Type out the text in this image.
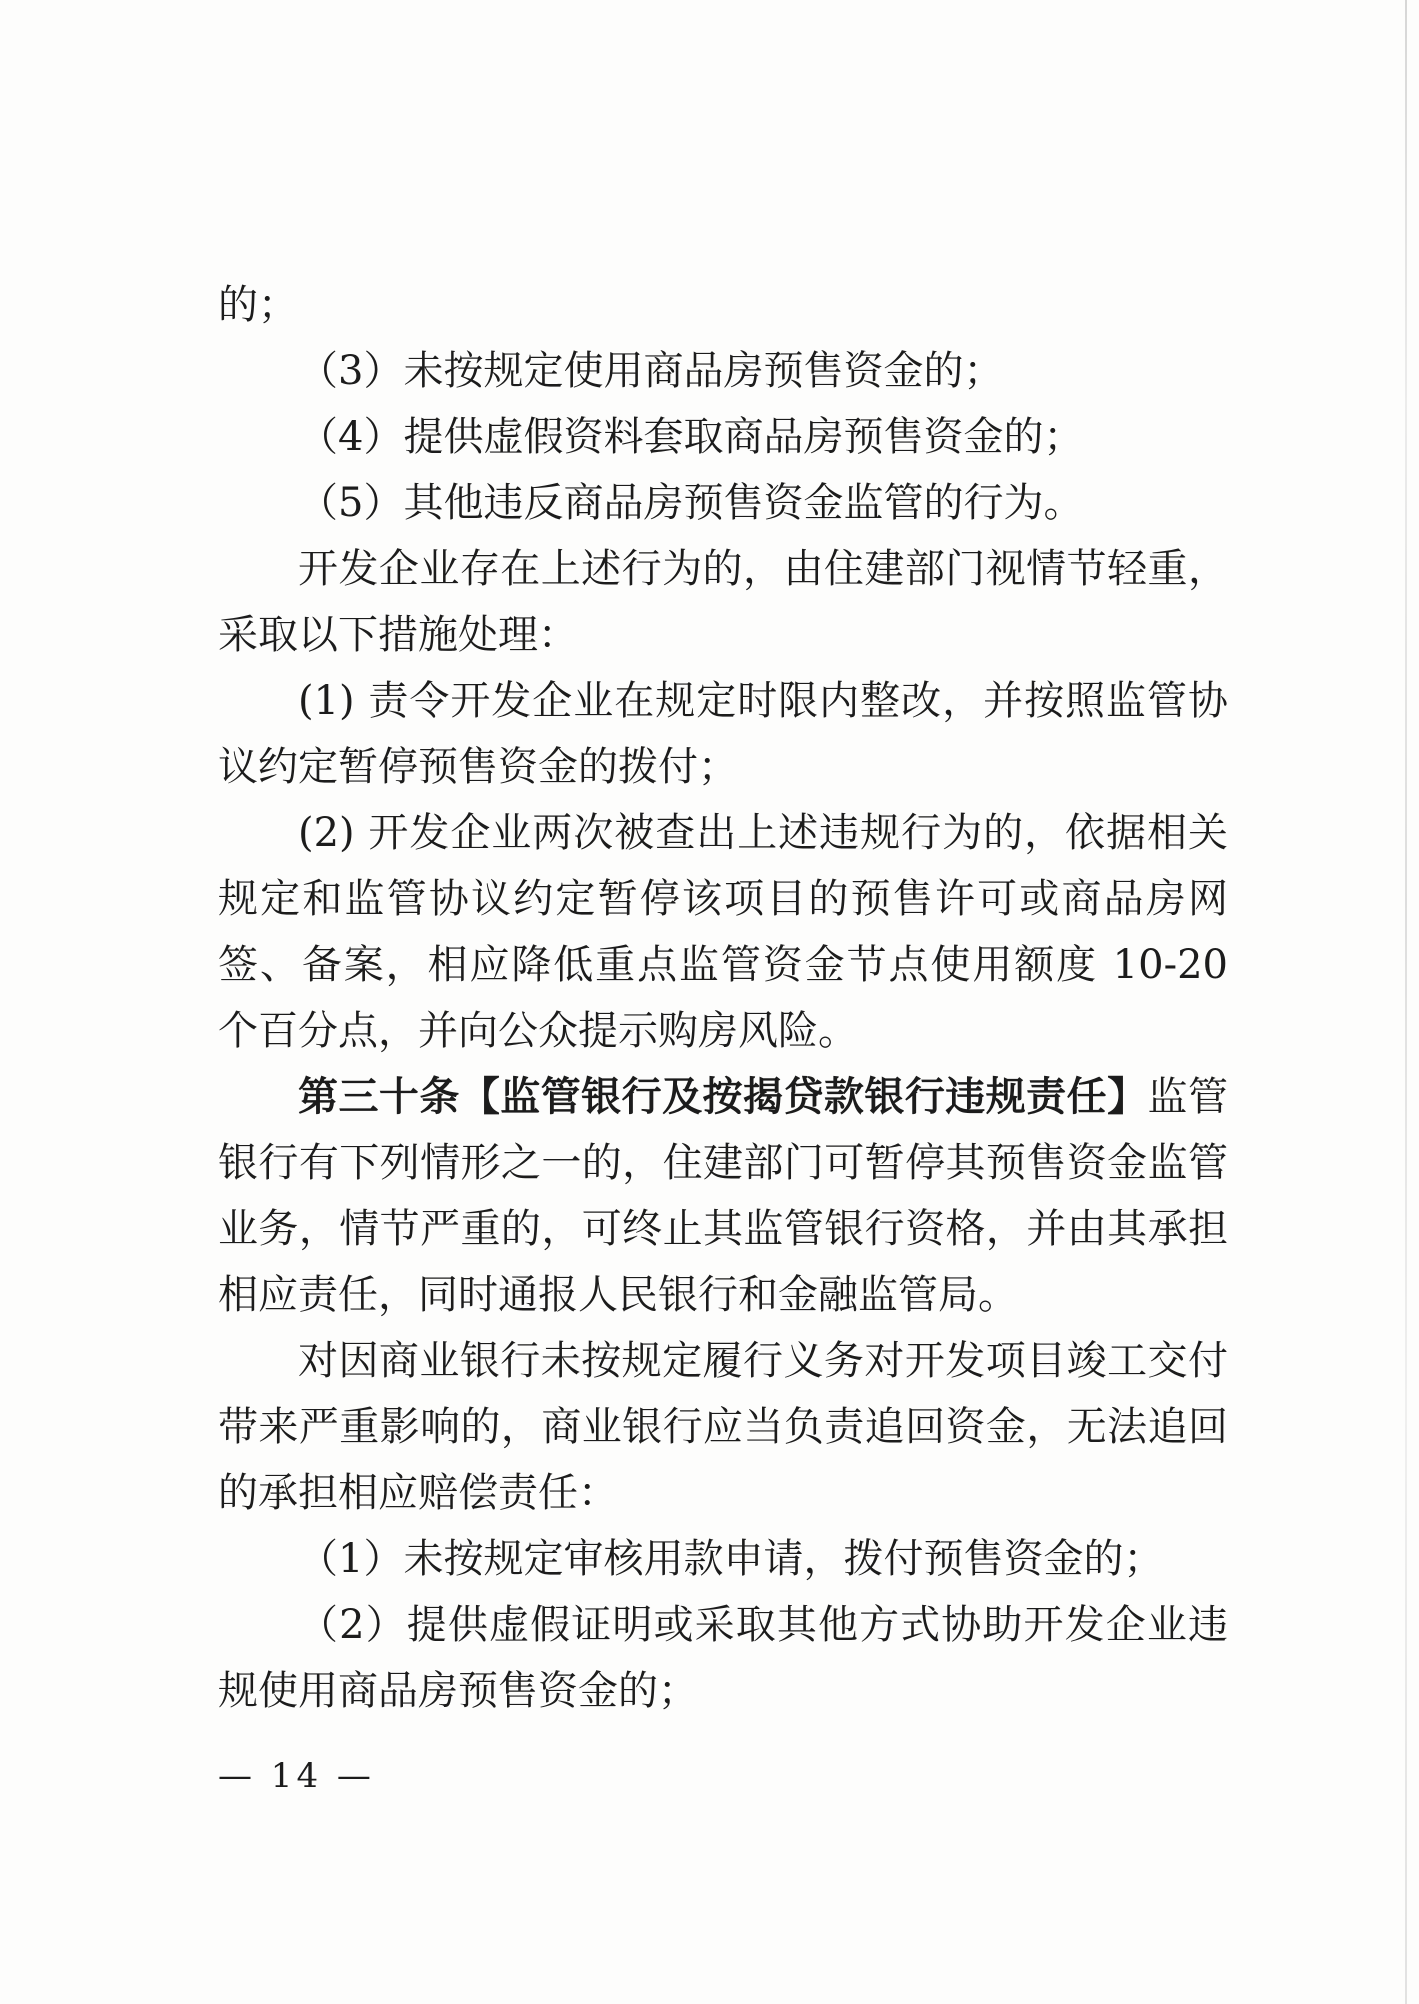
的；

（3）未按规定使用商品房预售资金的；

（4）提供虚假资料套取商品房预售资金的；

（5）其他违反商品房预售资金监管的行为。

开发企业存在上述行为的，由住建部门视情节轻重，采取以下措施处理：

(1) 责令开发企业在规定时限内整改，并按照监管协议约定暂停预售资金的拨付；

(2) 开发企业两次被查出上述违规行为的，依据相关规定和监管协议约定暂停该项目的预售许可或商品房网签、备案，相应降低重点监管资金节点使用额度 10-20 个百分点，并向公众提示购房风险。

第三十条【监管银行及按揭贷款银行违规责任】监管银行有下列情形之一的，住建部门可暂停其预售资金监管业务，情节严重的，可终止其监管银行资格，并由其承担相应责任，同时通报人民银行和金融监管局。

对因商业银行未按规定履行义务对开发项目竣工交付带来严重影响的，商业银行应当负责追回资金，无法追回的承担相应赔偿责任：

（1）未按规定审核用款申请，拨付预售资金的；

（2）提供虚假证明或采取其他方式协助开发企业违规使用商品房预售资金的；

— 14 —
